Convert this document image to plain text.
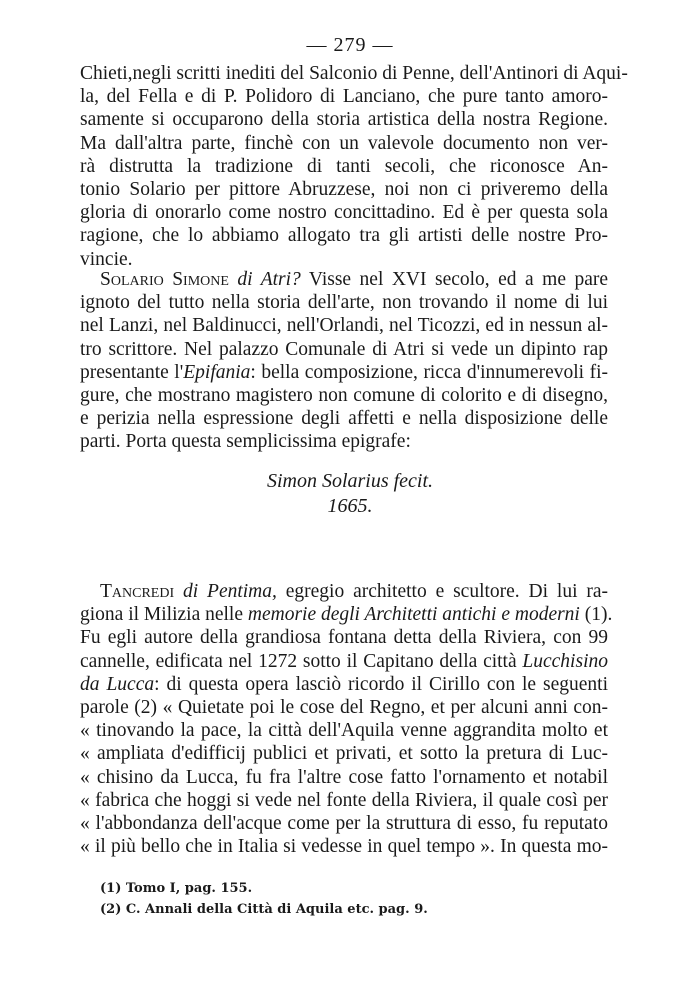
— 279 —
Chieti,negli scritti inediti del Salconio di Penne, dell'Antinori di Aqui-
la, del Fella e di P. Polidoro di Lanciano, che pure tanto amoro-
samente si occuparono della storia artistica della nostra Regione.
Ma dall'altra parte, finchè con un valevole documento non ver-
rà distrutta la tradizione di tanti secoli, che riconosce An-
tonio Solario per pittore Abruzzese, noi non ci priveremo della
gloria di onorarlo come nostro concittadino. Ed è per questa sola
ragione, che lo abbiamo allogato tra gli artisti delle nostre Pro-
vincie.
Solario Simone di Atri? Visse nel XVI secolo, ed a me pare
ignoto del tutto nella storia dell'arte, non trovando il nome di lui
nel Lanzi, nel Baldinucci, nell'Orlandi, nel Ticozzi, ed in nessun al-
tro scrittore. Nel palazzo Comunale di Atri si vede un dipinto rap
presentante l'Epifania: bella composizione, ricca d'innumerevoli fi-
gure, che mostrano magistero non comune di colorito e di disegno,
e perizia nella espressione degli affetti e nella disposizione delle
parti. Porta questa semplicissima epigrafe:
Simon Solarius fecit.
1665.
Tancredi di Pentima, egregio architetto e scultore. Di lui ra-
giona il Milizia nelle memorie degli Architetti antichi e moderni (1).
Fu egli autore della grandiosa fontana detta della Riviera, con 99
cannelle, edificata nel 1272 sotto il Capitano della città Lucchisino
da Lucca: di questa opera lasciò ricordo il Cirillo con le seguenti
parole (2) « Quietate poi le cose del Regno, et per alcuni anni con-
« tinovando la pace, la città dell'Aquila venne aggrandita molto et
« ampliata d'edifficij publici et privati, et sotto la pretura di Luc-
« chisino da Lucca, fu fra l'altre cose fatto l'ornamento et notabil
« fabrica che hoggi si vede nel fonte della Riviera, il quale così per
« l'abbondanza dell'acque come per la struttura di esso, fu reputato
« il più bello che in Italia si vedesse in quel tempo ». In questa mo-
(1) Tomo I, pag. 155.
(2) C. Annali della Città di Aquila etc. pag. 9.
